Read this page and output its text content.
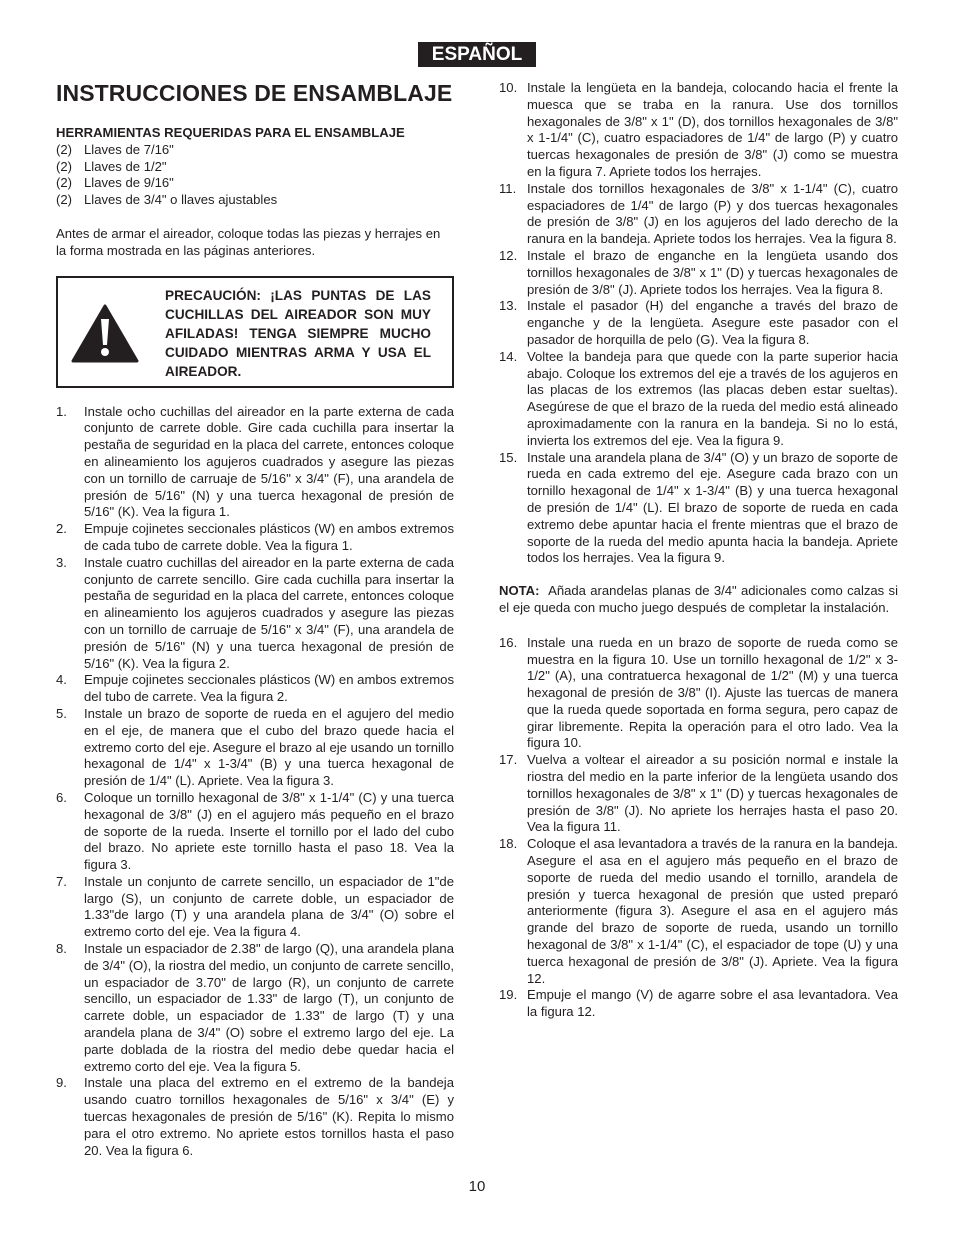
ESPAÑOL
INSTRUCCIONES DE ENSAMBLAJE
HERRAMIENTAS REQUERIDAS PARA EL ENSAMBLAJE
(2) Llaves de 7/16"
(2) Llaves de 1/2"
(2) Llaves de 9/16"
(2) Llaves de 3/4" o llaves ajustables

Antes de armar el aireador, coloque todas las piezas y herrajes en la forma mostrada en las páginas anteriores.

PRECAUCIÓN: ¡LAS PUNTAS DE LAS CUCHILLAS DEL AIREADOR SON MUY AFILADAS! TENGA SIEMPRE MUCHO CUIDADO MIENTRAS ARMA Y USA EL AIREADOR.
1.	Instale ocho cuchillas del aireador en la parte externa de cada conjunto de carrete doble. Gire cada cuchilla para insertar la pestaña de seguridad en la placa del carrete, entonces coloque en alineamiento los agujeros cuadrados y asegure las piezas con un tornillo de carruaje de 5/16" x 3/4" (F), una arandela de presión de 5/16" (N) y una tuerca hexagonal de presión de 5/16" (K). Vea la figura 1.
2.	Empuje cojinetes seccionales plásticos (W) en ambos extremos de cada tubo de carrete doble. Vea la figura 1.
3.	Instale cuatro cuchillas del aireador en la parte externa de cada conjunto de carrete sencillo. Gire cada cuchilla para insertar la pestaña de seguridad en la placa del carrete, entonces coloque en alineamiento los agujeros cuadrados y asegure las piezas con un tornillo de carruaje de 5/16" x 3/4" (F), una arandela de presión de 5/16" (N) y una tuerca hexagonal de presión de 5/16" (K). Vea la figura 2.
4.	Empuje cojinetes seccionales plásticos (W) en ambos extremos del tubo de carrete. Vea la figura 2.
5.	Instale un brazo de soporte de rueda en el agujero del medio en el eje, de manera que el cubo del brazo quede hacia el extremo corto del eje. Asegure el brazo al eje usando un tornillo hexagonal de 1/4" x 1-3/4" (B) y una tuerca hexagonal de presión de 1/4" (L). Apriete. Vea la figura 3.
6.	Coloque un tornillo hexagonal de 3/8" x 1-1/4" (C) y una tuerca hexagonal de 3/8" (J) en el agujero más pequeño en el brazo de soporte de la rueda. Inserte el tornillo por el lado del cubo del brazo. No apriete este tornillo hasta el paso 18. Vea la figura 3.
7.	Instale un conjunto de carrete sencillo, un espaciador de 1"de largo (S), un conjunto de carrete doble, un espaciador de 1.33"de largo (T) y una arandela plana de 3/4" (O) sobre el extremo corto del eje. Vea la figura 4.
8.	Instale un espaciador de 2.38" de largo (Q), una arandela plana de 3/4" (O), la riostra del medio, un conjunto de carrete sencillo, un espaciador de 3.70" de largo (R), un conjunto de carrete sencillo, un espaciador de 1.33" de largo (T), un conjunto de carrete doble, un espaciador de 1.33" de largo (T) y una arandela plana de 3/4" (O) sobre el extremo largo del eje. La parte doblada de la riostra del medio debe quedar hacia el extremo corto del eje. Vea la figura 5.
9.	Instale una placa del extremo en el extremo de la bandeja usando cuatro tornillos hexagonales de 5/16" x 3/4" (E) y tuercas hexagonales de presión de 5/16" (K). Repita lo mismo para el otro extremo. No apriete estos tornillos hasta el paso 20. Vea la figura 6.
10. Instale la lengüeta en la bandeja, colocando hacia el frente la muesca que se traba en la ranura. Use dos tornillos hexagonales de 3/8" x 1" (D), dos tornillos hexagonales de 3/8" x 1-1/4" (C), cuatro espaciadores de 1/4" de largo (P) y cuatro tuercas hexagonales de presión de 3/8" (J) como se muestra en la figura 7. Apriete todos los herrajes.
11. Instale dos tornillos hexagonales de 3/8" x 1-1/4" (C), cuatro espaciadores de 1/4" de largo (P) y dos tuercas hexagonales de presión de 3/8" (J) en los agujeros del lado derecho de la ranura en la bandeja. Apriete todos los herrajes. Vea la figura 8.
12. Instale el brazo de enganche en la lengüeta usando dos tornillos hexagonales de 3/8" x 1" (D) y tuercas hexagonales de presión de 3/8" (J). Apriete todos los herrajes. Vea la figura 8.
13. Instale el pasador (H) del enganche a través del brazo de enganche y de la lengüeta. Asegure este pasador con el pasador de horquilla de pelo (G). Vea la figura 8.
14. Voltee la bandeja para que quede con la parte superior hacia abajo. Coloque los extremos del eje a través de los agujeros en las placas de los extremos (las placas deben estar sueltas). Asegúrese de que el brazo de la rueda del medio está alineado aproximadamente con la ranura en la bandeja. Si no lo está, invierta los extremos del eje. Vea la figura 9.
15. Instale una arandela plana de 3/4" (O) y un brazo de soporte de rueda en cada extremo del eje. Asegure cada brazo con un tornillo hexagonal de 1/4" x 1-3/4" (B) y una tuerca hexagonal de presión de 1/4" (L). El brazo de soporte de rueda en cada extremo debe apuntar hacia el frente mientras que el brazo de soporte de la rueda del medio apunta hacia la bandeja. Apriete todos los herrajes. Vea la figura 9.

NOTA: Añada arandelas planas de 3/4" adicionales como calzas si el eje queda con mucho juego después de completar la instalación.

16. Instale una rueda en un brazo de soporte de rueda como se muestra en la figura 10. Use un tornillo hexagonal de 1/2" x 3-1/2" (A), una contratuerca hexagonal de 1/2" (M) y una tuerca hexagonal de presión de 3/8" (I). Ajuste las tuercas de manera que la rueda quede soportada en forma segura, pero capaz de girar libremente. Repita la operación para el otro lado. Vea la figura 10.
17. Vuelva a voltear el aireador a su posición normal e instale la riostra del medio en la parte inferior de la lengüeta usando dos tornillos hexagonales de 3/8" x 1" (D) y tuercas hexagonales de presión de 3/8" (J). No apriete los herrajes hasta el paso 20. Vea la figura 11.
18. Coloque el asa levantadora a través de la ranura en la bandeja. Asegure el asa en el agujero más pequeño en el brazo de soporte de rueda del medio usando el tornillo, arandela de presión y tuerca hexagonal de presión que usted preparó anteriormente (figura 3). Asegure el asa en el agujero más grande del brazo de soporte de rueda, usando un tornillo hexagonal de 3/8" x 1-1/4" (C), el espaciador de tope (U) y una tuerca hexagonal de presión de 3/8" (J). Apriete. Vea la figura 12.
19. Empuje el mango (V) de agarre sobre el asa levantadora. Vea la figura 12.
10
